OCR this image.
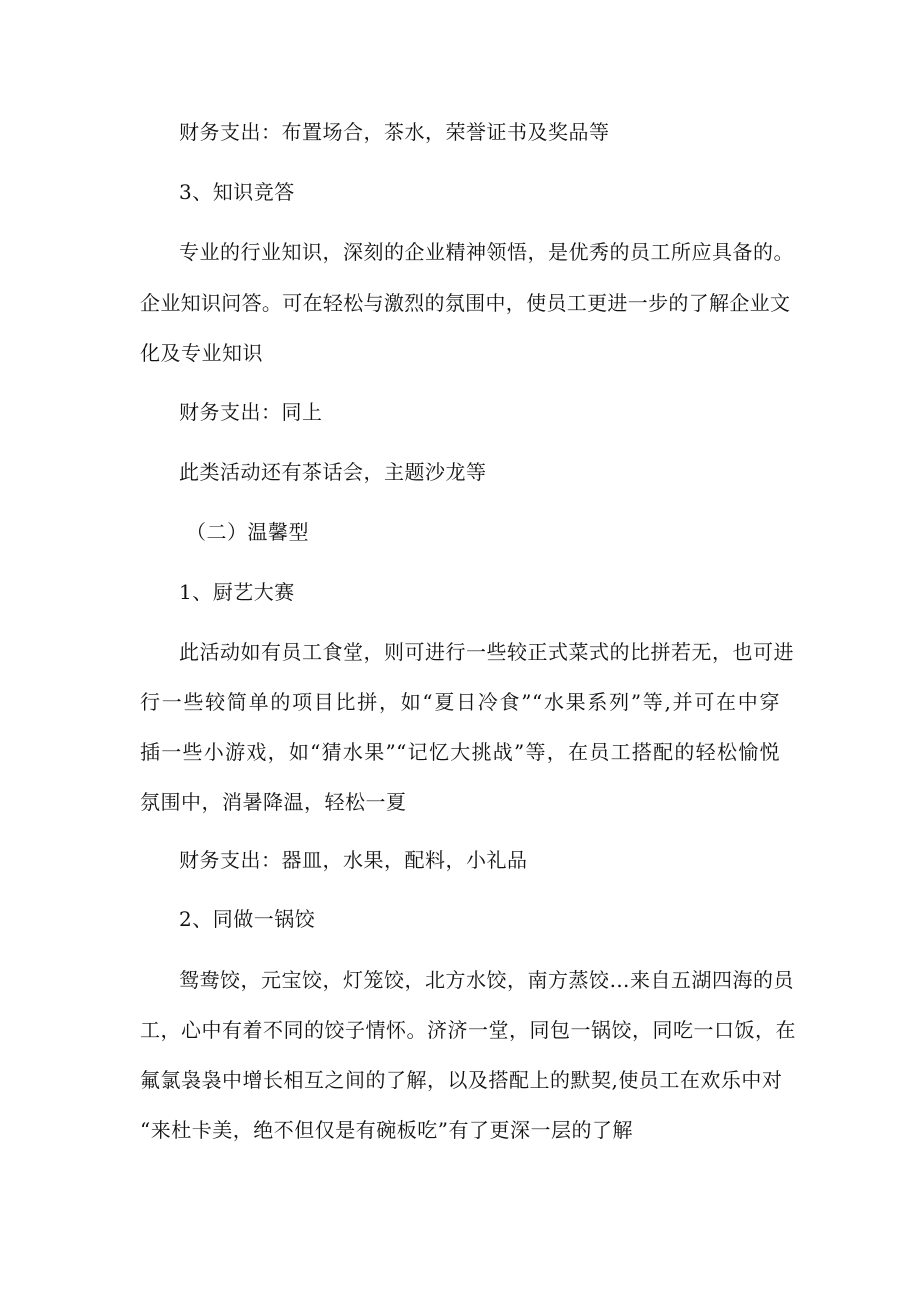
财务支出：布置场合，茶水，荣誉证书及奖品等
3、知识竞答
专业的行业知识，深刻的企业精神领悟，是优秀的员工所应具备的。
企业知识问答。可在轻松与激烈的氛围中，使员工更进一步的了解企业文
化及专业知识
财务支出：同上
此类活动还有茶话会，主题沙龙等
（二）温馨型
1、厨艺大赛
此活动如有员工食堂，则可进行一些较正式菜式的比拼若无，也可进
行一些较简单的项目比拼，如“夏日冷食”“水果系列”等,并可在中穿
插一些小游戏，如“猜水果”“记忆大挑战”等，在员工搭配的轻松愉悦
氛围中，消暑降温，轻松一夏
财务支出：器皿，水果，配料，小礼品
2、同做一锅饺
鸳鸯饺，元宝饺，灯笼饺，北方水饺，南方蒸饺…来自五湖四海的员
工，心中有着不同的饺子情怀。济济一堂，同包一锅饺，同吃一口饭，在
氟氯袅袅中增长相互之间的了解，以及搭配上的默契,使员工在欢乐中对
“来杜卡美，绝不但仅是有碗板吃”有了更深一层的了解
